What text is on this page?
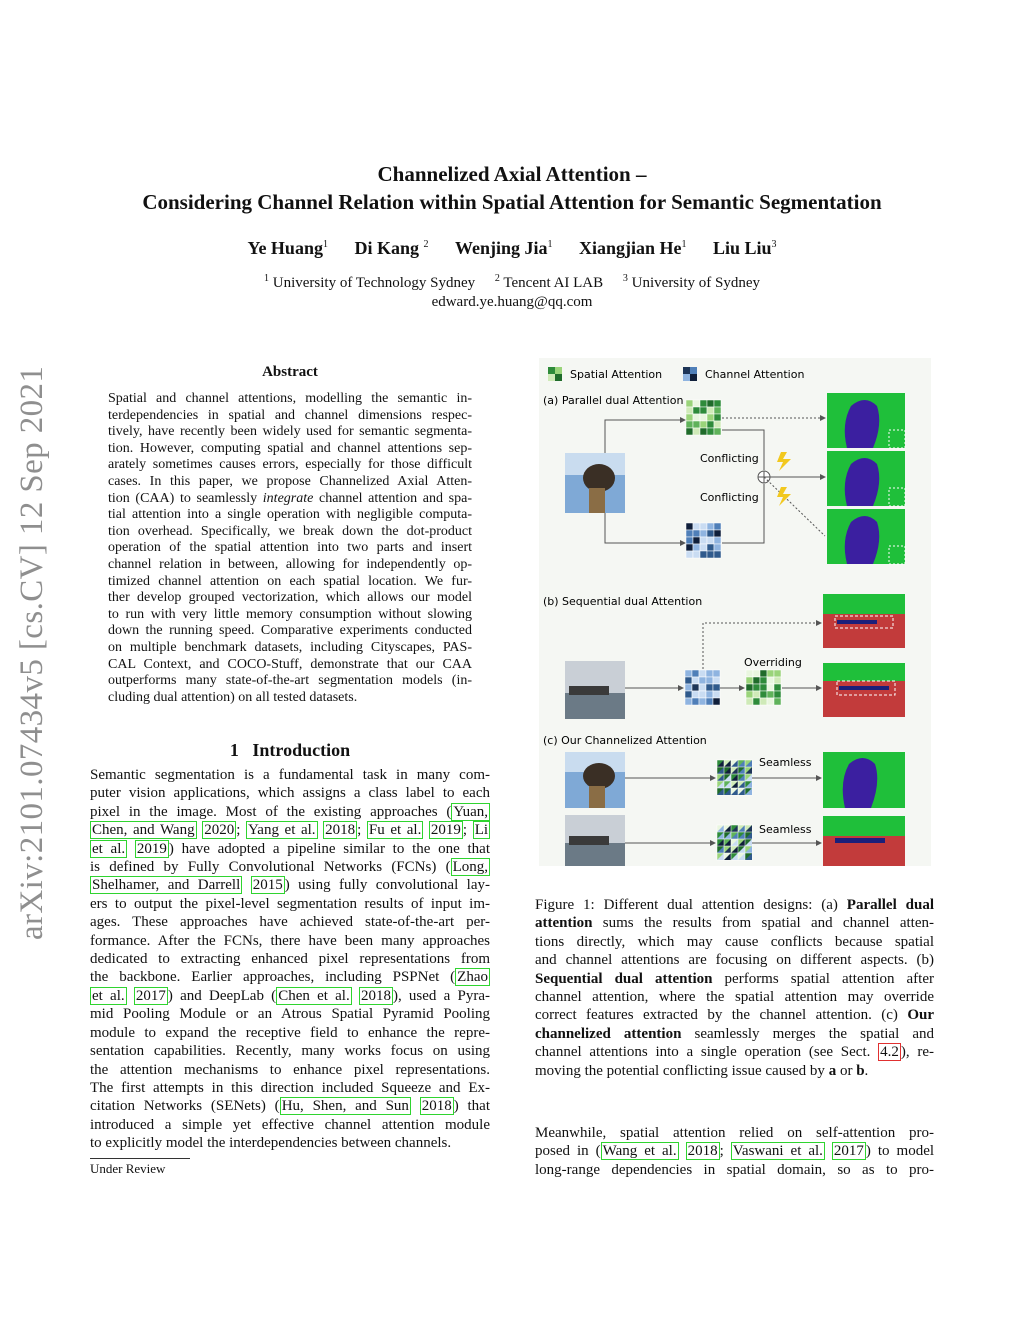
Channelized Axial Attention –
Considering Channel Relation within Spatial Attention for Semantic Segmentation
Ye Huang$^1$ Di Kang $^2$ Wenjing Jia$^1$ Xiangjian He$^1$ Liu Liu$^3$
$^1$ University of Technology Sydney $^2$ Tencent AI LAB $^3$ University of Sydney
edward.ye.huang@qq.com
arXiv:2101.07434v5 [cs.CV] 12 Sep 2021	Abstract
Spatial and channel attentions, modelling the semantic in-
terdependencies in spatial and channel dimensions respec-
tively, have recently been widely used for semantic segmenta-
tion. However, computing spatial and channel attentions sep-
arately sometimes causes errors, especially for those difficult
cases. In this paper, we propose Channelized Axial Atten-
tion (CAA) to seamlessly integrate channel attention and spa-
tial attention into a single operation with negligible computa-
tion overhead. Specifically, we break down the dot-product
operation of the spatial attention into two parts and insert
channel relation in between, allowing for independently op-
timized channel attention on each spatial location. We fur-
ther develop grouped vectorization, which allows our model
to run with very little memory consumption without slowing
down the running speed. Comparative experiments conducted
on multiple benchmark datasets, including Cityscapes, PAS-
CAL Context, and COCO-Stuff, demonstrate that our CAA
outperforms many state-of-the-art segmentation models (in-
cluding dual attention) on all tested datasets.
1 Introduction
Semantic segmentation is a fundamental task in many com-
puter vision applications, which assigns a class label to each
pixel in the image. Most of the existing approaches ( Yuan,
Chen, and Wang 2020 ; Yang et al. 2018 ; Fu et al. 2019 ; Li
et al. 2019 ) have adopted a pipeline similar to the one that
is defined by Fully Convolutional Networks (FCNs) ( Long,
Shelhamer, and Darrell 2015 ) using fully convolutional lay-
ers to output the pixel-level segmentation results of input im-
ages. These approaches have achieved state-of-the-art per-
formance. After the FCNs, there have been many approaches
dedicated to extracting enhanced pixel representations from
the backbone. Earlier approaches, including PSPNet ( Zhao
et al. 2017 ) and DeepLab ( Chen et al. 2018 ), used a Pyra-
mid Pooling Module or an Atrous Spatial Pyramid Pooling
module to expand the receptive field to enhance the repre-
sentation capabilities. Recently, many works focus on using
the attention mechanisms to enhance pixel representations.
The first attempts in this direction included Squeeze and Ex-
citation Networks (SENets) ( Hu, Shen, and Sun 2018 ) that
introduced a simple yet effective channel attention module
to explicitly model the interdependencies between channels.
Under Review
Spatial Attention	Channel Attention
(a) Parallel dual Attention
Conflicting
Conflicting
(b) Sequential dual Attention
Overriding
(c) Our Channelized Attention
Seamless
Seamless
Figure 1: Different dual attention designs: (a) Parallel dual
attention sums the results from spatial and channel atten-
tions directly, which may cause conflicts because spatial
and channel attentions are focusing on different aspects. (b)
Sequential dual attention performs spatial attention after
channel attention, where the spatial attention may override
correct features extracted by the channel attention. (c) Our
channelized attention seamlessly merges the spatial and
channel attentions into a single operation (see Sect. 4.2 ), re-
moving the potential conflicting issue caused by a or b.
Meanwhile, spatial attention relied on self-attention pro-
posed in ( Wang et al. 2018 ; Vaswani et al. 2017 ) to model
long-range dependencies in spatial domain, so as to pro-
